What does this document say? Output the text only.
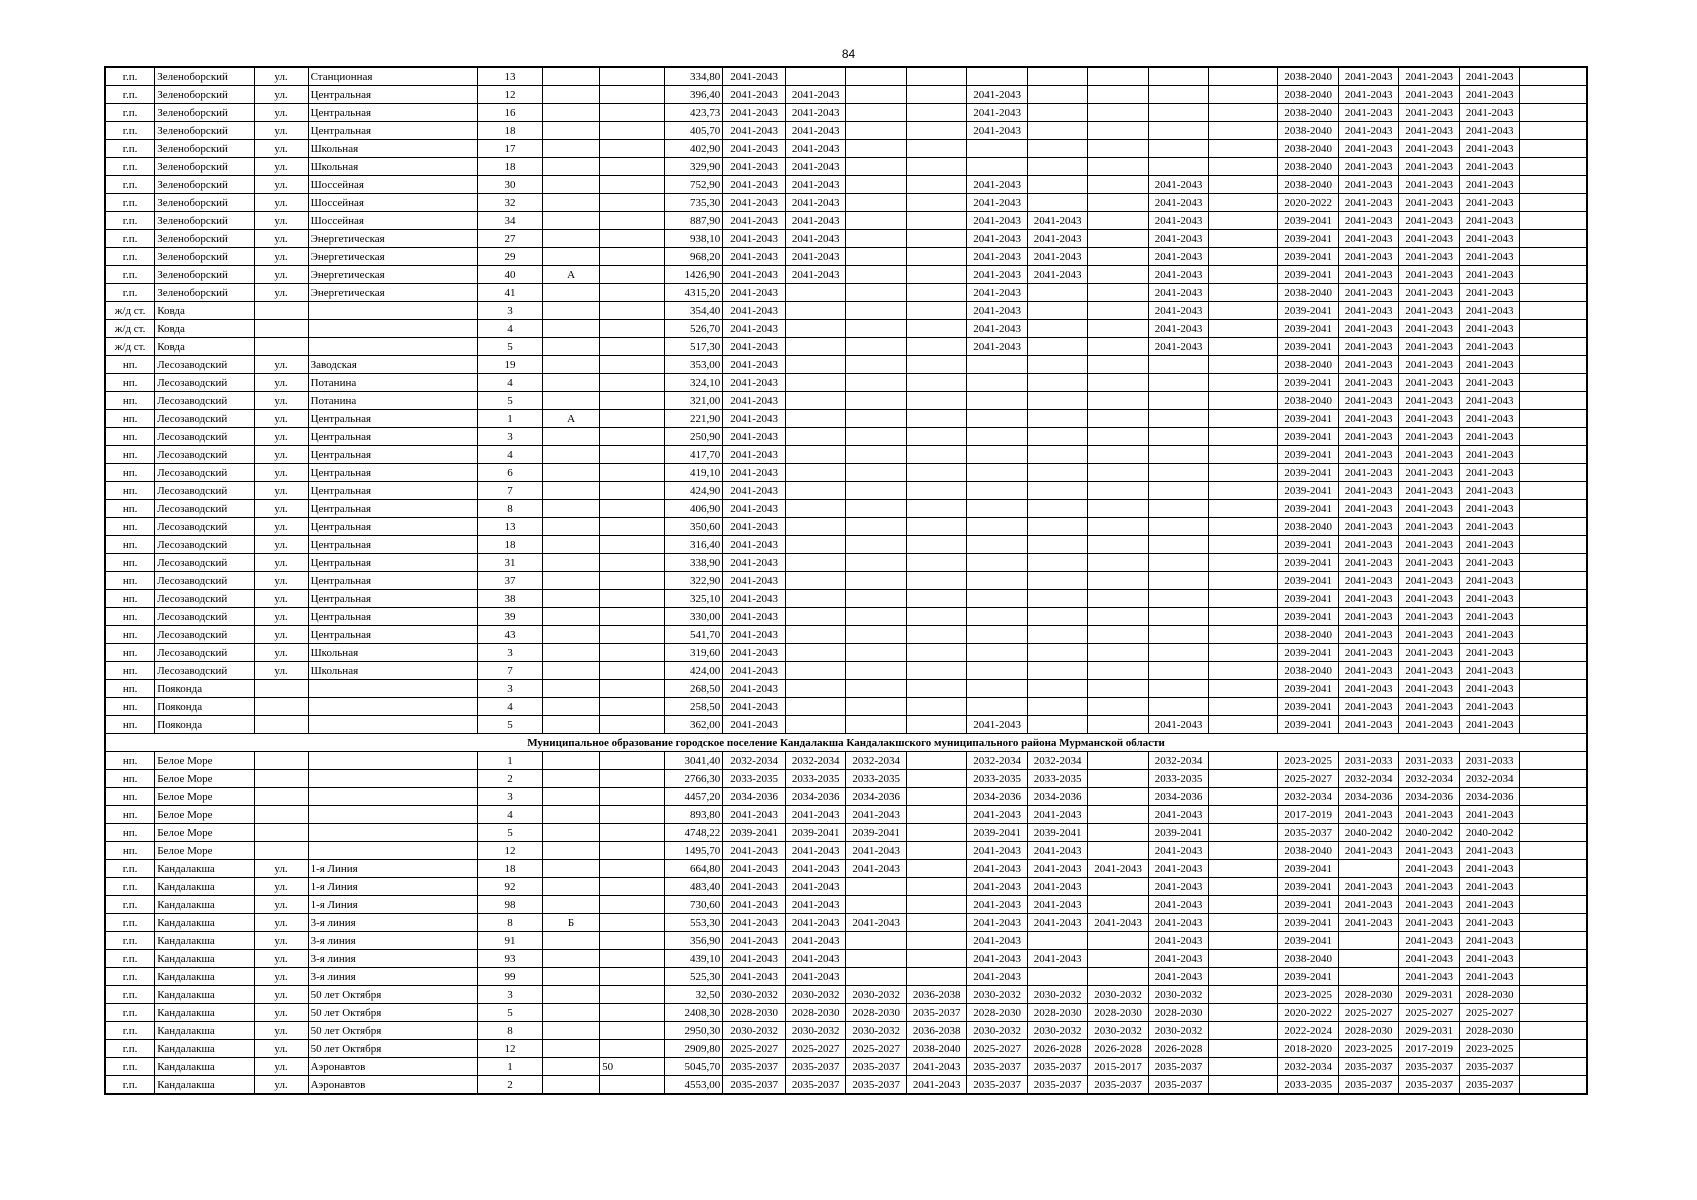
84
г.п.	Зеленоборский	ул.	Станционная	13			334,80	2041-2043									2038-2040	2041-2043	2041-2043	2041-2043	
г.п.	Зеленоборский	ул.	Центральная	12			396,40	2041-2043	2041-2043			2041-2043					2038-2040	2041-2043	2041-2043	2041-2043	
г.п.	Зеленоборский	ул.	Центральная	16			423,73	2041-2043	2041-2043			2041-2043					2038-2040	2041-2043	2041-2043	2041-2043	
г.п.	Зеленоборский	ул.	Центральная	18			405,70	2041-2043	2041-2043			2041-2043					2038-2040	2041-2043	2041-2043	2041-2043	
г.п.	Зеленоборский	ул.	Школьная	17			402,90	2041-2043	2041-2043								2038-2040	2041-2043	2041-2043	2041-2043	
г.п.	Зеленоборский	ул.	Школьная	18			329,90	2041-2043	2041-2043								2038-2040	2041-2043	2041-2043	2041-2043	
г.п.	Зеленоборский	ул.	Шоссейная	30			752,90	2041-2043	2041-2043			2041-2043			2041-2043		2038-2040	2041-2043	2041-2043	2041-2043	
г.п.	Зеленоборский	ул.	Шоссейная	32			735,30	2041-2043	2041-2043			2041-2043			2041-2043		2020-2022	2041-2043	2041-2043	2041-2043	
г.п.	Зеленоборский	ул.	Шоссейная	34			887,90	2041-2043	2041-2043			2041-2043	2041-2043		2041-2043		2039-2041	2041-2043	2041-2043	2041-2043	
г.п.	Зеленоборский	ул.	Энергетическая	27			938,10	2041-2043	2041-2043			2041-2043	2041-2043		2041-2043		2039-2041	2041-2043	2041-2043	2041-2043	
г.п.	Зеленоборский	ул.	Энергетическая	29			968,20	2041-2043	2041-2043			2041-2043	2041-2043		2041-2043		2039-2041	2041-2043	2041-2043	2041-2043	
г.п.	Зеленоборский	ул.	Энергетическая	40	А		1426,90	2041-2043	2041-2043			2041-2043	2041-2043		2041-2043		2039-2041	2041-2043	2041-2043	2041-2043	
г.п.	Зеленоборский	ул.	Энергетическая	41			4315,20	2041-2043				2041-2043			2041-2043		2038-2040	2041-2043	2041-2043	2041-2043	
ж/д ст.	Ковда			3			354,40	2041-2043				2041-2043			2041-2043		2039-2041	2041-2043	2041-2043	2041-2043	
ж/д ст.	Ковда			4			526,70	2041-2043				2041-2043			2041-2043		2039-2041	2041-2043	2041-2043	2041-2043	
ж/д ст.	Ковда			5			517,30	2041-2043				2041-2043			2041-2043		2039-2041	2041-2043	2041-2043	2041-2043	
нп.	Лесозаводский	ул.	Заводская	19			353,00	2041-2043									2038-2040	2041-2043	2041-2043	2041-2043	
нп.	Лесозаводский	ул.	Потанина	4			324,10	2041-2043									2039-2041	2041-2043	2041-2043	2041-2043	
нп.	Лесозаводский	ул.	Потанина	5			321,00	2041-2043									2038-2040	2041-2043	2041-2043	2041-2043	
нп.	Лесозаводский	ул.	Центральная	1	А		221,90	2041-2043									2039-2041	2041-2043	2041-2043	2041-2043	
нп.	Лесозаводский	ул.	Центральная	3			250,90	2041-2043									2039-2041	2041-2043	2041-2043	2041-2043	
нп.	Лесозаводский	ул.	Центральная	4			417,70	2041-2043									2039-2041	2041-2043	2041-2043	2041-2043	
нп.	Лесозаводский	ул.	Центральная	6			419,10	2041-2043									2039-2041	2041-2043	2041-2043	2041-2043	
нп.	Лесозаводский	ул.	Центральная	7			424,90	2041-2043									2039-2041	2041-2043	2041-2043	2041-2043	
нп.	Лесозаводский	ул.	Центральная	8			406,90	2041-2043									2039-2041	2041-2043	2041-2043	2041-2043	
нп.	Лесозаводский	ул.	Центральная	13			350,60	2041-2043									2038-2040	2041-2043	2041-2043	2041-2043	
нп.	Лесозаводский	ул.	Центральная	18			316,40	2041-2043									2039-2041	2041-2043	2041-2043	2041-2043	
нп.	Лесозаводский	ул.	Центральная	31			338,90	2041-2043									2039-2041	2041-2043	2041-2043	2041-2043	
нп.	Лесозаводский	ул.	Центральная	37			322,90	2041-2043									2039-2041	2041-2043	2041-2043	2041-2043	
нп.	Лесозаводский	ул.	Центральная	38			325,10	2041-2043									2039-2041	2041-2043	2041-2043	2041-2043	
нп.	Лесозаводский	ул.	Центральная	39			330,00	2041-2043									2039-2041	2041-2043	2041-2043	2041-2043	
нп.	Лесозаводский	ул.	Центральная	43			541,70	2041-2043									2038-2040	2041-2043	2041-2043	2041-2043	
нп.	Лесозаводский	ул.	Школьная	3			319,60	2041-2043									2039-2041	2041-2043	2041-2043	2041-2043	
нп.	Лесозаводский	ул.	Школьная	7			424,00	2041-2043									2038-2040	2041-2043	2041-2043	2041-2043	
нп.	Пояконда			3			268,50	2041-2043									2039-2041	2041-2043	2041-2043	2041-2043	
нп.	Пояконда			4			258,50	2041-2043									2039-2041	2041-2043	2041-2043	2041-2043	
нп.	Пояконда			5			362,00	2041-2043				2041-2043			2041-2043		2039-2041	2041-2043	2041-2043	2041-2043	
Муниципальное образование городское поселение Кандалакша Кандалакшского муниципального района Мурманской области																					
нп.	Белое Море			1			3041,40	2032-2034	2032-2034	2032-2034		2032-2034	2032-2034		2032-2034		2023-2025	2031-2033	2031-2033	2031-2033	
нп.	Белое Море			2			2766,30	2033-2035	2033-2035	2033-2035		2033-2035	2033-2035		2033-2035		2025-2027	2032-2034	2032-2034	2032-2034	
нп.	Белое Море			3			4457,20	2034-2036	2034-2036	2034-2036		2034-2036	2034-2036		2034-2036		2032-2034	2034-2036	2034-2036	2034-2036	
нп.	Белое Море			4			893,80	2041-2043	2041-2043	2041-2043		2041-2043	2041-2043		2041-2043		2017-2019	2041-2043	2041-2043	2041-2043	
нп.	Белое Море			5			4748,22	2039-2041	2039-2041	2039-2041		2039-2041	2039-2041		2039-2041		2035-2037	2040-2042	2040-2042	2040-2042	
нп.	Белое Море			12			1495,70	2041-2043	2041-2043	2041-2043		2041-2043	2041-2043		2041-2043		2038-2040	2041-2043	2041-2043	2041-2043	
г.п.	Кандалакша	ул.	1-я Линия	18			664,80	2041-2043	2041-2043	2041-2043		2041-2043	2041-2043	2041-2043	2041-2043		2039-2041		2041-2043	2041-2043	
г.п.	Кандалакша	ул.	1-я Линия	92			483,40	2041-2043	2041-2043			2041-2043	2041-2043		2041-2043		2039-2041	2041-2043	2041-2043	2041-2043	
г.п.	Кандалакша	ул.	1-я Линия	98			730,60	2041-2043	2041-2043			2041-2043	2041-2043		2041-2043		2039-2041	2041-2043	2041-2043	2041-2043	
г.п.	Кандалакша	ул.	3-я линия	8	Б		553,30	2041-2043	2041-2043	2041-2043		2041-2043	2041-2043	2041-2043	2041-2043		2039-2041	2041-2043	2041-2043	2041-2043	
г.п.	Кандалакша	ул.	3-я линия	91			356,90	2041-2043	2041-2043			2041-2043			2041-2043		2039-2041		2041-2043	2041-2043	
г.п.	Кандалакша	ул.	3-я линия	93			439,10	2041-2043	2041-2043			2041-2043	2041-2043		2041-2043		2038-2040		2041-2043	2041-2043	
г.п.	Кандалакша	ул.	3-я линия	99			525,30	2041-2043	2041-2043			2041-2043			2041-2043		2039-2041		2041-2043	2041-2043	
г.п.	Кандалакша	ул.	50 лет Октября	3			32,50	2030-2032	2030-2032	2030-2032	2036-2038	2030-2032	2030-2032	2030-2032	2030-2032		2023-2025	2028-2030	2029-2031	2028-2030	
г.п.	Кандалакша	ул.	50 лет Октября	5			2408,30	2028-2030	2028-2030	2028-2030	2035-2037	2028-2030	2028-2030	2028-2030	2028-2030		2020-2022	2025-2027	2025-2027	2025-2027	
г.п.	Кандалакша	ул.	50 лет Октября	8			2950,30	2030-2032	2030-2032	2030-2032	2036-2038	2030-2032	2030-2032	2030-2032	2030-2032		2022-2024	2028-2030	2029-2031	2028-2030	
г.п.	Кандалакша	ул.	50 лет Октября	12			2909,80	2025-2027	2025-2027	2025-2027	2038-2040	2025-2027	2026-2028	2026-2028	2026-2028		2018-2020	2023-2025	2017-2019	2023-2025	
г.п.	Кандалакша	ул.	Аэронавтов	1		50	5045,70	2035-2037	2035-2037	2035-2037	2041-2043	2035-2037	2035-2037	2015-2017	2035-2037		2032-2034	2035-2037	2035-2037	2035-2037	
г.п.	Кандалакша	ул.	Аэронавтов	2			4553,00	2035-2037	2035-2037	2035-2037	2041-2043	2035-2037	2035-2037	2035-2037	2035-2037		2033-2035	2035-2037	2035-2037	2035-2037	
